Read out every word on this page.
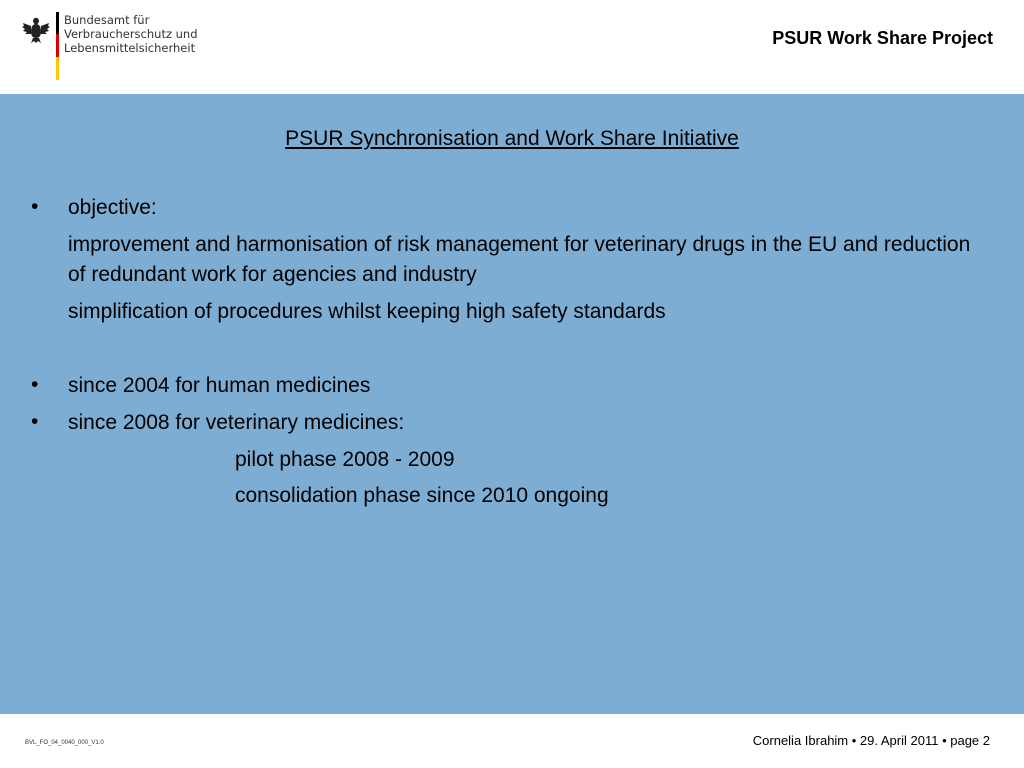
Bundesamt für
Verbraucherschutz und
Lebensmittelsicherheit	PSUR Work Share Project
PSUR Synchronisation and Work Share Initiative
• objective:
improvement and harmonisation of risk management for veterinary drugs in the EU and reduction of redundant work for agencies and industry
simplification of procedures whilst keeping high safety standards
• since 2004 for human medicines
• since 2008 for veterinary medicines:
pilot phase 2008 - 2009
consolidation phase since 2010 ongoing
BVL_FO_04_0040_000_V1.0	Cornelia Ibrahim • 29. April 2011 • page 2
